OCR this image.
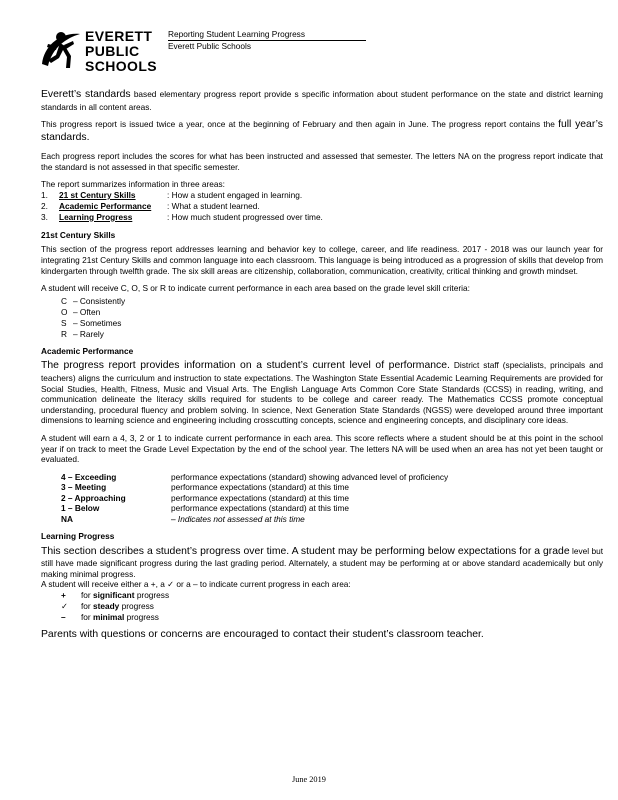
EVERETT
PUBLIC
SCHOOLS
Reporting Student Learning Progress
Everett Public Schools

Everett’s standards based elementary progress report provide s specific information about student performance on the state and district learning standards in all content areas.

This progress report is issued twice a year, once at the beginning of February and then again in June. The progress report contains the full year’s standards.

Each progress report includes the scores for what has been instructed and assessed that semester. The letters NA on the progress report indicate that the standard is not assessed in that specific semester.

The report summarizes information in three areas:
1. 21 st Century Skills	: How a student engaged in learning.
2. Academic Performance : What a student learned.
3. Learning Progress	: How much student progressed over time.
21st Century Skills

This section of the progress report addresses learning and behavior key to college, career, and life readiness. 2017 - 2018 was our launch year for integrating 21st Century Skills and common language into each classroom. This language is being introduced as a progression of skills that develop from kindergarten through twelfth grade. The six skill areas are citizenship, collaboration, communication, creativity, critical thinking and growth mindset.

A student will receive C, O, S or R to indicate current performance in each area based on the grade level skill criteria:
C – Consistently
O – Often
S – Sometimes
R – Rarely
Academic Performance

The progress report provides information on a student’s current level of performance. District staff (specialists, principals and teachers) aligns the curriculum and instruction to state expectations. The Washington State Essential Academic Learning Requirements are provided for Social Studies, Health, Fitness, Music and Visual Arts. The English Language Arts Common Core State Standards (CCSS) in reading, writing, and communication delineate the literacy skills required for students to be college and career ready. The Mathematics CCSS promote conceptual understanding, procedural fluency and problem solving. In science, Next Generation State Standards (NGSS) were developed around three important dimensions to learning science and engineering including crosscutting concepts, science and engineering concepts, and disciplinary core ideas.

A student will earn a 4, 3, 2 or 1 to indicate current performance in each area. This score reflects where a student should be at this point in the school year if on track to meet the Grade Level Expectation by the end of the school year. The letters NA will be used when an area has not yet been taught or evaluated.

4 – Exceeding	performance expectations (standard) showing advanced level of proficiency
3 – Meeting	performance expectations (standard) at this time
2 – Approaching	performance expectations (standard) at this time
1 – Below	performance expectations (standard) at this time
NA	– Indicates not assessed at this time
Learning Progress
This section describes a student’s progress over time. A student may be performing below expectations for a grade level but still have made significant progress during the last grading period. Alternately, a student may be performing at or above standard academically but only making minimal progress.
A student will receive either a +, a ✓ or a – to indicate current progress in each area:
+ for significant progress
✓ for steady progress
– for minimal progress
Parents with questions or concerns are encouraged to contact their student’s classroom teacher.
June 2019
